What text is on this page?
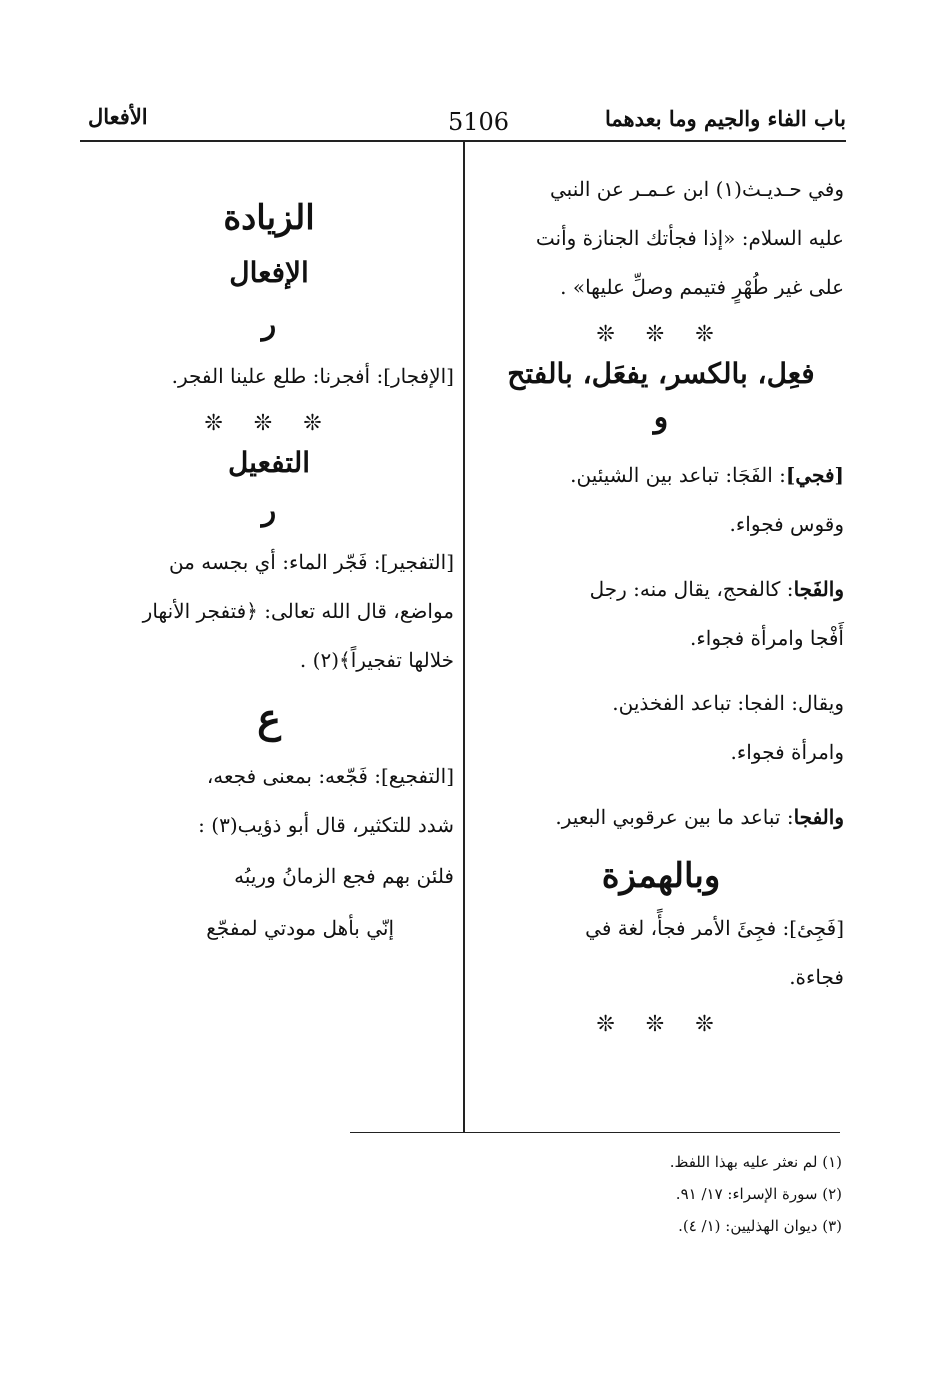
باب الفاء والجيم وما بعدهما
5106
الأفعال

وفي حـديـث(١) ابن عـمـر عن النبي

عليه السلام: «إذا فجأتك الجنازة وأنت

على غير طُهْرٍ فتيمم وصلِّ عليها» .

❊ ❊ ❊
فعِل، بالكسر، يفعَل، بالفتح
و

[فجي]: الفَجَا: تباعد بين الشيئين.

وقوس فجواء.

والفَجا: كالفحج، يقال منه: رجل

أَفْجا وامرأة فجواء.

ويقال: الفجا: تباعد الفخذين.

وامرأة فجواء.

والفجا: تباعد ما بين عرقوبي البعير.

وبالهمزة

[فَجِئ]: فجِئَ الأمر فجأً، لغة في

فجاءة.

❊ ❊ ❊
الزيادة
الإفعال
ر

[الإفجار]: أفجرنا: طلع علينا الفجر.

❊ ❊ ❊
التفعيل
ر

[التفجير]: فَجّر الماء: أي بجسه من

مواضع، قال الله تعالى: ﴿فتفجر الأنهار

خلالها تفجيراً﴾(٢) .

ع

[التفجيع]: فَجّعه: بمعنى فجعه،

شدد للتكثير، قال أبو ذؤيب(٣) :

فلئن بهم فجع الزمانُ وريبُه

إنّي بأهل مودتي لمفجّع

(١) لم نعثر عليه بهذا اللفظ.
(٢) سورة الإسراء: ١٧/ ٩١.
(٣) ديوان الهذليين: (١/ ٤).
